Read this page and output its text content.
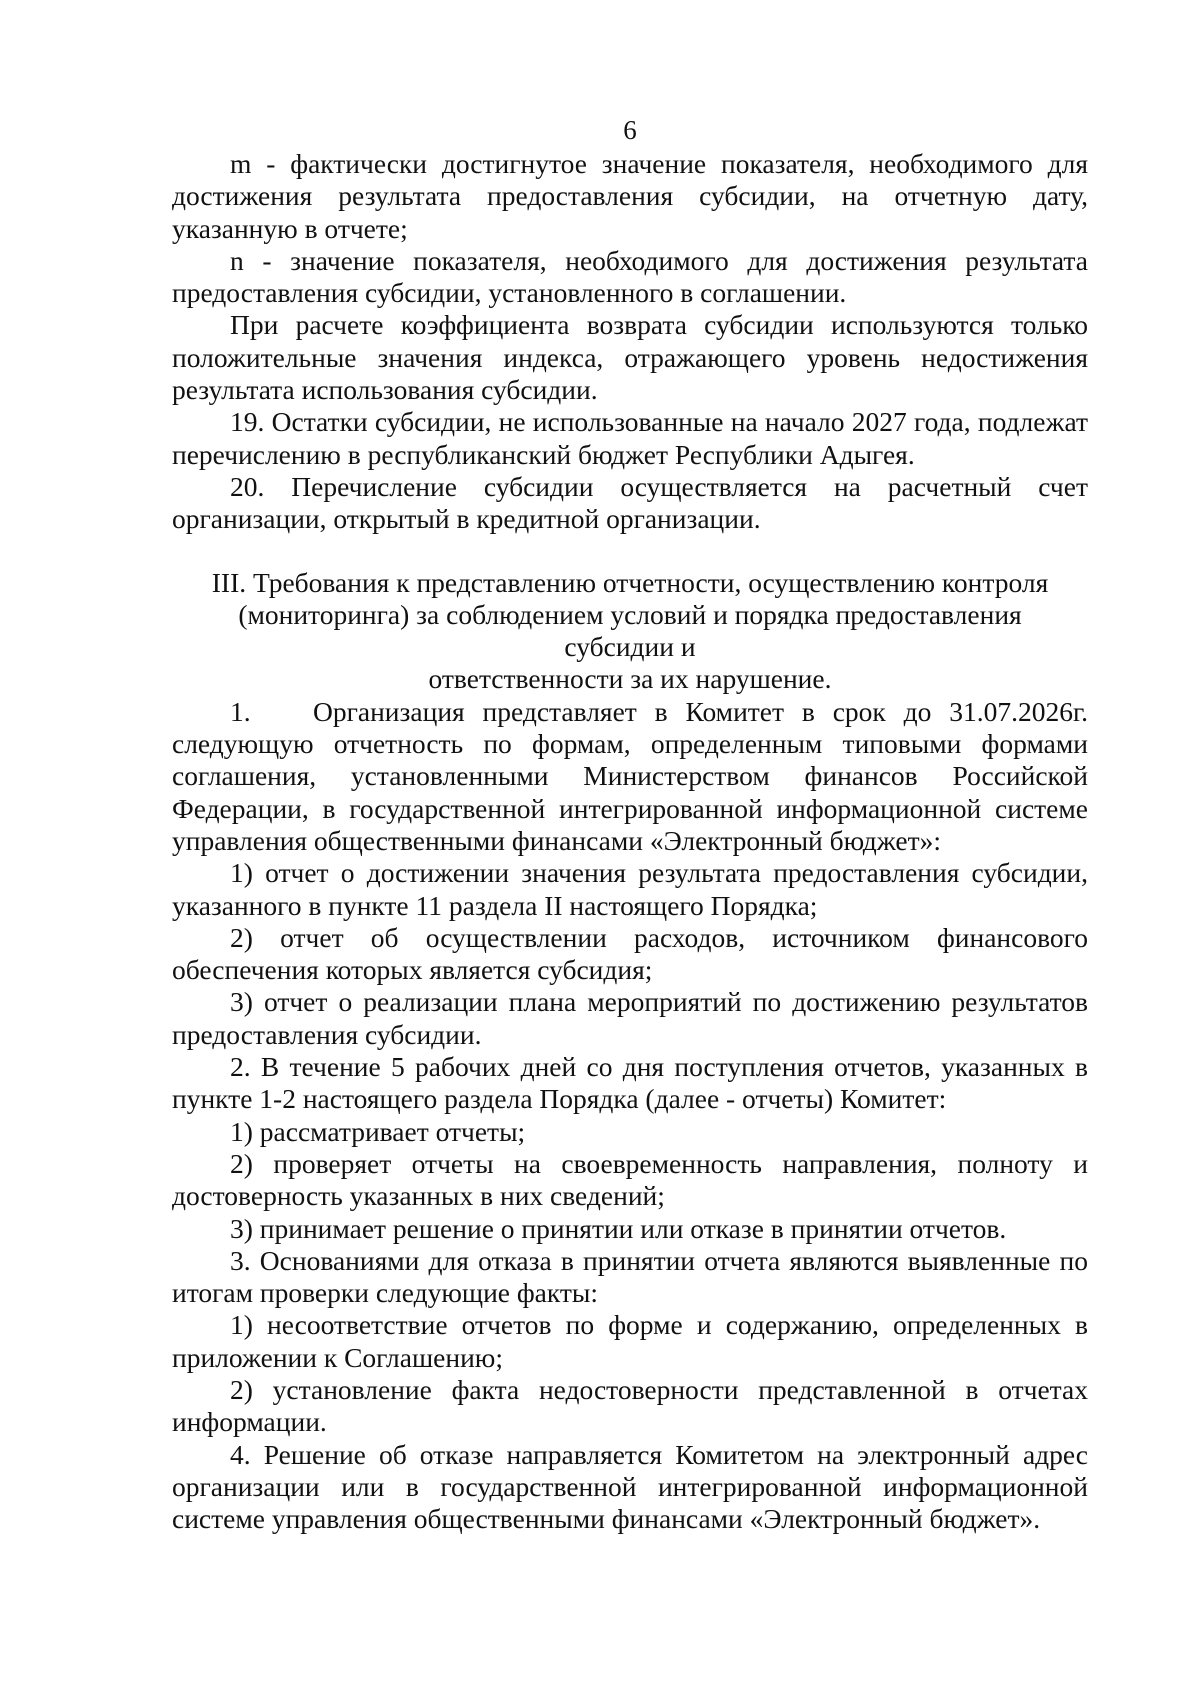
6

m - фактически достигнутое значение показателя, необходимого для достижения результата предоставления субсидии, на отчетную дату, указанную в отчете;

n - значение показателя, необходимого для достижения результата предоставления субсидии, установленного в соглашении.

При расчете коэффициента возврата субсидии используются только положительные значения индекса, отражающего уровень недостижения результата использования субсидии.

19. Остатки субсидии, не использованные на начало 2027 года, подлежат перечислению в республиканский бюджет Республики Адыгея.

20. Перечисление субсидии осуществляется на расчетный счет организации, открытый в кредитной организации.

III. Требования к представлению отчетности, осуществлению контроля
(мониторинга) за соблюдением условий и порядка предоставления
субсидии и
ответственности за их нарушение.

1. Организация представляет в Комитет в срок до 31.07.2026г. следующую отчетность по формам, определенным типовыми формами соглашения, установленными Министерством финансов Российской Федерации, в государственной интегрированной информационной системе управления общественными финансами «Электронный бюджет»:

1) отчет о достижении значения результата предоставления субсидии, указанного в пункте 11 раздела II настоящего Порядка;

2) отчет об осуществлении расходов, источником финансового обеспечения которых является субсидия;

3) отчет о реализации плана мероприятий по достижению результатов предоставления субсидии.

2. В течение 5 рабочих дней со дня поступления отчетов, указанных в пункте 1-2 настоящего раздела Порядка (далее - отчеты) Комитет:

1) рассматривает отчеты;

2) проверяет отчеты на своевременность направления, полноту и достоверность указанных в них сведений;

3) принимает решение о принятии или отказе в принятии отчетов.

3. Основаниями для отказа в принятии отчета являются выявленные по итогам проверки следующие факты:

1) несоответствие отчетов по форме и содержанию, определенных в приложении к Соглашению;

2) установление факта недостоверности представленной в отчетах информации.

4. Решение об отказе направляется Комитетом на электронный адрес организации или в государственной интегрированной информационной системе управления общественными финансами «Электронный бюджет».
